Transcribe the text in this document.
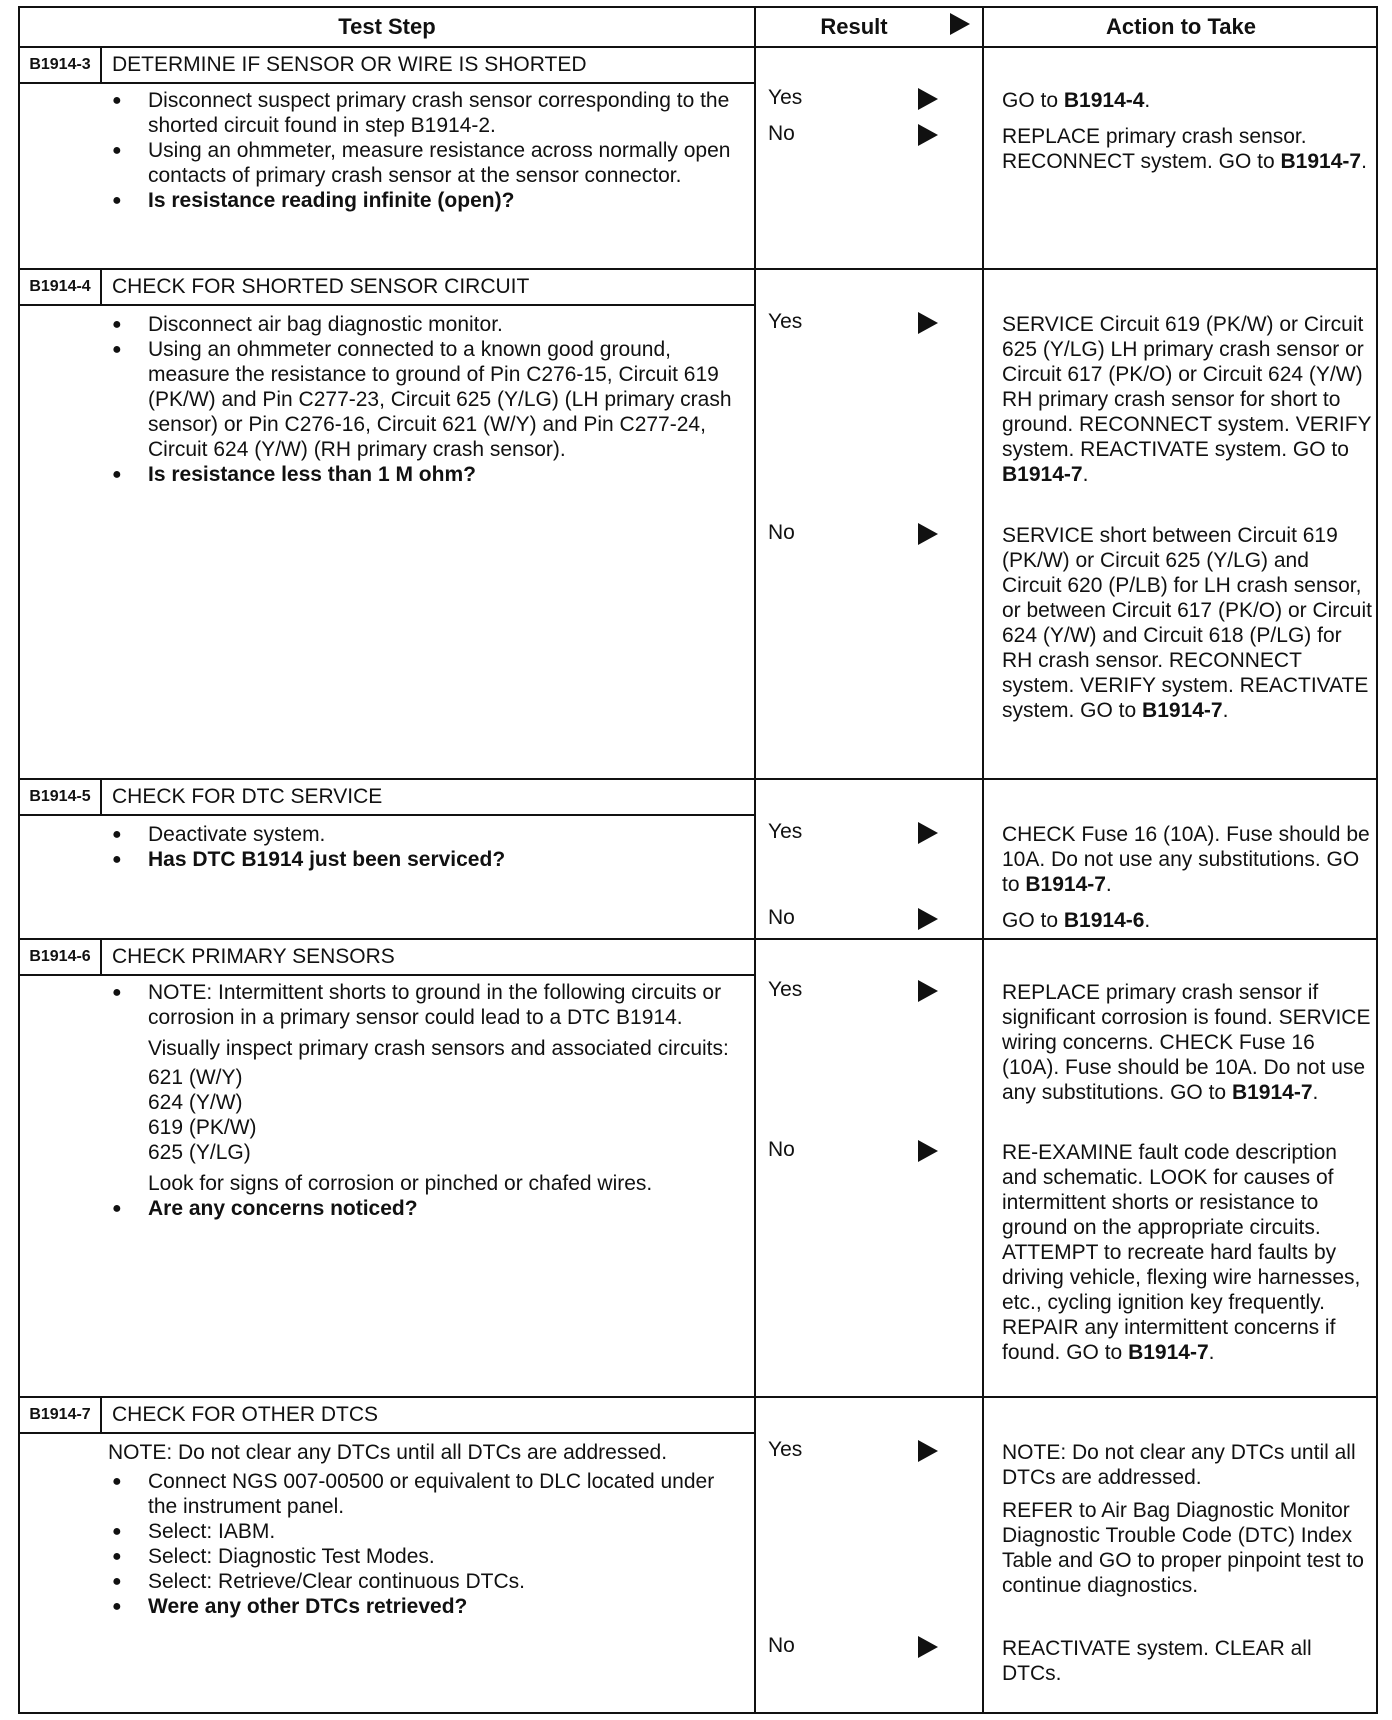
Test Step	Result	Action to Take
B1914-3	DETERMINE IF SENSOR OR WIRE IS SHORTED
● Disconnect suspect primary crash sensor corresponding to the shorted circuit found in step B1914-2.
● Using an ohmmeter, measure resistance across normally open contacts of primary crash sensor at the sensor connector.
● Is resistance reading infinite (open)?
Yes	GO to B1914-4.
No	REPLACE primary crash sensor. RECONNECT system. GO to B1914-7.
B1914-4	CHECK FOR SHORTED SENSOR CIRCUIT
● Disconnect air bag diagnostic monitor.
● Using an ohmmeter connected to a known good ground, measure the resistance to ground of Pin C276-15, Circuit 619 (PK/W) and Pin C277-23, Circuit 625 (Y/LG) (LH primary crash sensor) or Pin C276-16, Circuit 621 (W/Y) and Pin C277-24, Circuit 624 (Y/W) (RH primary crash sensor).
● Is resistance less than 1 M ohm?
Yes	SERVICE Circuit 619 (PK/W) or Circuit 625 (Y/LG) LH primary crash sensor or Circuit 617 (PK/O) or Circuit 624 (Y/W) RH primary crash sensor for short to ground. RECONNECT system. VERIFY system. REACTIVATE system. GO to B1914-7.
No	SERVICE short between Circuit 619 (PK/W) or Circuit 625 (Y/LG) and Circuit 620 (P/LB) for LH crash sensor, or between Circuit 617 (PK/O) or Circuit 624 (Y/W) and Circuit 618 (P/LG) for RH crash sensor. RECONNECT system. VERIFY system. REACTIVATE system. GO to B1914-7.
B1914-5	CHECK FOR DTC SERVICE
● Deactivate system.
● Has DTC B1914 just been serviced?
Yes	CHECK Fuse 16 (10A). Fuse should be 10A. Do not use any substitutions. GO to B1914-7.
No	GO to B1914-6.
B1914-6	CHECK PRIMARY SENSORS
● NOTE: Intermittent shorts to ground in the following circuits or corrosion in a primary sensor could lead to a DTC B1914.

Visually inspect primary crash sensors and associated circuits:

621 (W/Y)
624 (Y/W)
619 (PK/W)
625 (Y/LG)

Look for signs of corrosion or pinched or chafed wires.

● Are any concerns noticed?
Yes	REPLACE primary crash sensor if significant corrosion is found. SERVICE wiring concerns. CHECK Fuse 16 (10A). Fuse should be 10A. Do not use any substitutions. GO to B1914-7.
No	RE-EXAMINE fault code description and schematic. LOOK for causes of intermittent shorts or resistance to ground on the appropriate circuits. ATTEMPT to recreate hard faults by driving vehicle, flexing wire harnesses, etc., cycling ignition key frequently. REPAIR any intermittent concerns if found. GO to B1914-7.
B1914-7	CHECK FOR OTHER DTCS
NOTE: Do not clear any DTCs until all DTCs are addressed.
● Connect NGS 007-00500 or equivalent to DLC located under the instrument panel.
● Select: IABM.
● Select: Diagnostic Test Modes.
● Select: Retrieve/Clear continuous DTCs.
● Were any other DTCs retrieved?
Yes	NOTE: Do not clear any DTCs until all DTCs are addressed.
REFER to Air Bag Diagnostic Monitor Diagnostic Trouble Code (DTC) Index Table and GO to proper pinpoint test to continue diagnostics.
No	REACTIVATE system. CLEAR all DTCs.
